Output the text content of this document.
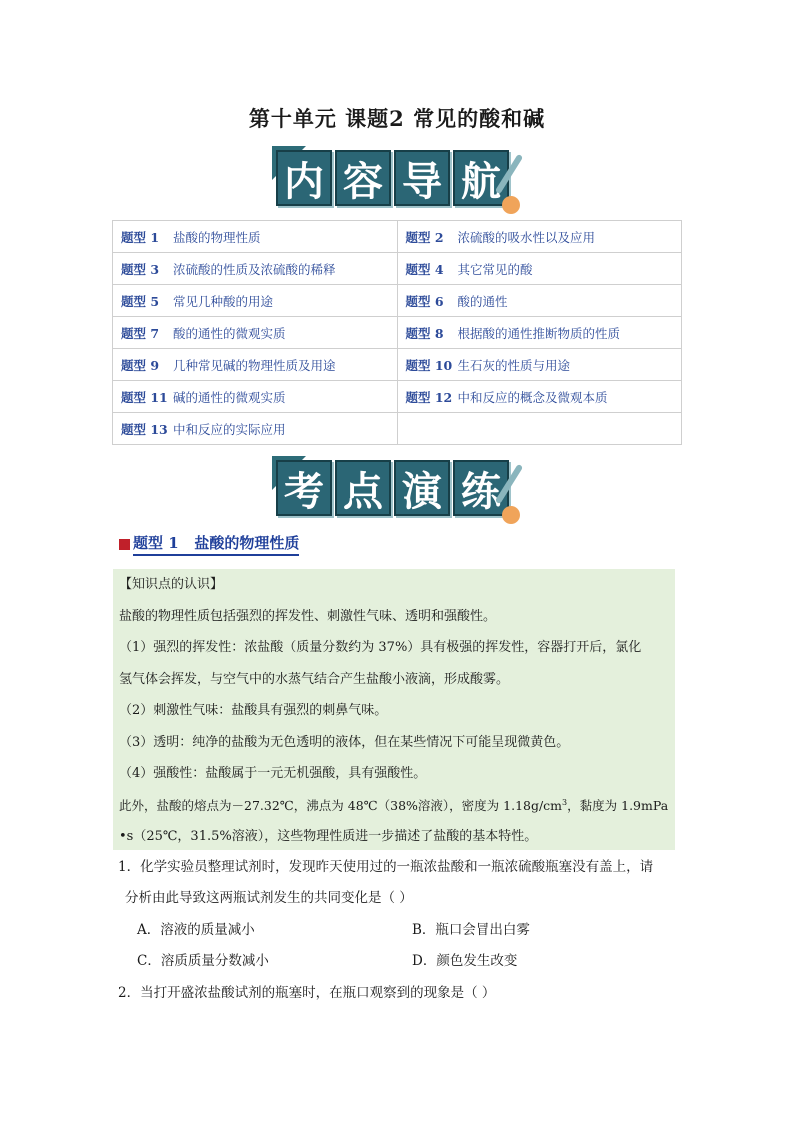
第十单元 课题2 常见的酸和碱
内 容 导 航
题型 1 盐酸的物理性质	题型 2 浓硫酸的吸水性以及应用
题型 3 浓硫酸的性质及浓硫酸的稀释	题型 4 其它常见的酸
题型 5 常见几种酸的用途	题型 6 酸的通性
题型 7 酸的通性的微观实质	题型 8 根据酸的通性推断物质的性质
题型 9 几种常见碱的物理性质及用途	题型 10 生石灰的性质与用途
题型 11 碱的通性的微观实质	题型 12 中和反应的概念及微观本质
题型 13 中和反应的实际应用	
考 点 演 练
题型 1 盐酸的物理性质

【知识点的认识】

盐酸的物理性质包括强烈的挥发性、刺激性气味、透明和强酸性。

（1）强烈的挥发性：浓盐酸（质量分数约为 37%）具有极强的挥发性，容器打开后，氯化

氢气体会挥发，与空气中的水蒸气结合产生盐酸小液滴，形成酸雾。

（2）刺激性气味：盐酸具有强烈的刺鼻气味。

（3）透明：纯净的盐酸为无色透明的液体，但在某些情况下可能呈现微黄色。

（4）强酸性：盐酸属于一元无机强酸，具有强酸性。

此外，盐酸的熔点为－27.32℃，沸点为 48℃（38%溶液），密度为 $1.18g/cm^3$，黏度为 1.9mPa

•s（25℃，31.5%溶液），这些物理性质进一步描述了盐酸的基本特性。

1．化学实验员整理试剂时，发现昨天使用过的一瓶浓盐酸和一瓶浓硫酸瓶塞没有盖上，请
分析由此导致这两瓶试剂发生的共同变化是（ ）
A．溶液的质量减小	B．瓶口会冒出白雾
C．溶质质量分数减小	D．颜色发生改变
2．当打开盛浓盐酸试剂的瓶塞时，在瓶口观察到的现象是（ ）
